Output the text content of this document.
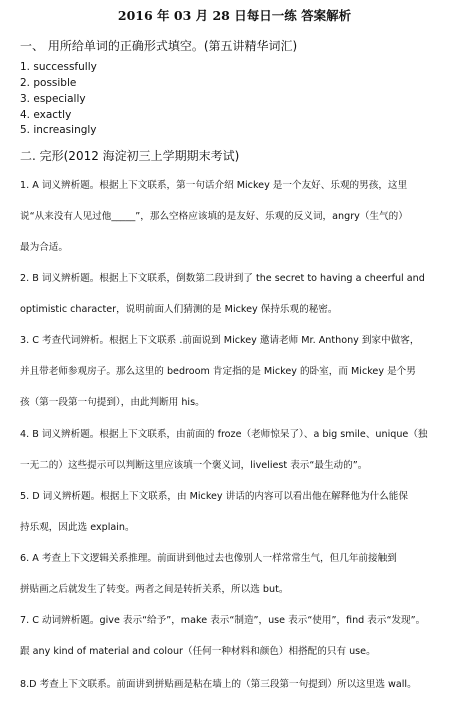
2016 年 03 月 28 日每日一练 答案解析
一、 用所给单词的正确形式填空。(第五讲精华词汇)
1. successfully
2. possible
3. especially
4. exactly
5. increasingly
二. 完形(2012 海淀初三上学期期末考试)
1. A 词义辨析题。根据上下文联系，第一句话介绍 Mickey 是一个友好、乐观的男孩，这里
说“从来没有人见过他_____”，那么空格应该填的是友好、乐观的反义词，angry（生气的）
最为合适。
2. B 词义辨析题。根据上下文联系，倒数第二段讲到了 the secret to having a cheerful and
optimistic character，说明前面人们猜测的是 Mickey 保持乐观的秘密。
3. C 考查代词辨析。根据上下文联系 .前面说到 Mickey 邀请老师 Mr. Anthony 到家中做客，
并且带老师参观房子。那么这里的 bedroom 肯定指的是 Mickey 的卧室，而 Mickey 是个男
孩（第一段第一句提到），由此判断用 his。
4. B 词义辨析题。根据上下文联系，由前面的 froze（老师惊呆了）、a big smile、unique（独
一无二的）这些提示可以判断这里应该填一个褒义词，liveliest 表示“最生动的”。
5. D 词义辨析题。根据上下文联系，由 Mickey 讲话的内容可以看出他在解释他为什么能保
持乐观，因此选 explain。
6. A 考查上下文逻辑关系推理。前面讲到他过去也像别人一样常常生气，但几年前接触到
拼贴画之后就发生了转变。两者之间是转折关系，所以选 but。
7. C 动词辨析题。give 表示“给予”，make 表示“制造”，use 表示“使用”，find 表示“发现”。
跟 any kind of material and colour（任何一种材料和颜色）相搭配的只有 use。
8.D 考查上下文联系。前面讲到拼贴画是粘在墙上的（第三段第一句提到）所以这里选 wall。
